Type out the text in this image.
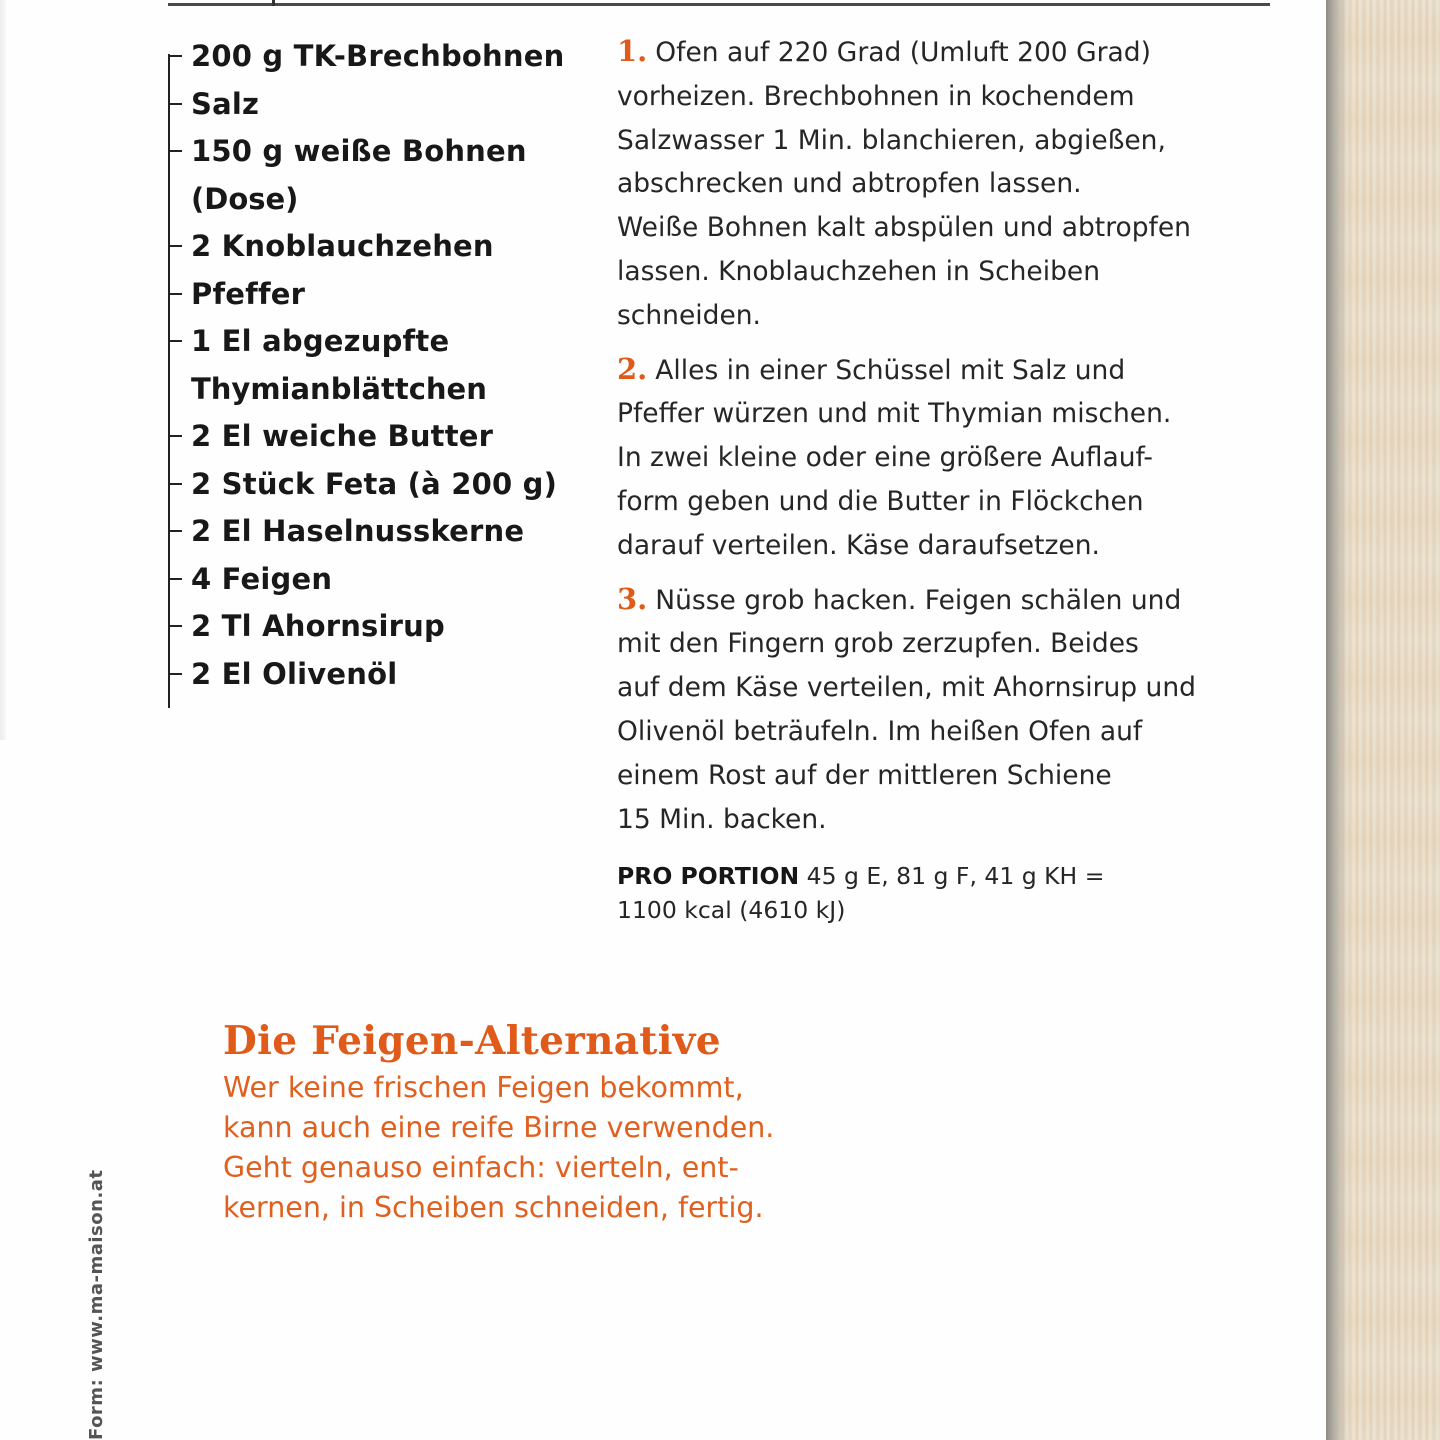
200 g TK-Brechbohnen
Salz
150 g weiße Bohnen
(Dose)
2 Knoblauchzehen
Pfeffer
1 El abgezupfte
Thymianblättchen
2 El weiche Butter
2 Stück Feta (à 200 g)
2 El Haselnusskerne
4 Feigen
2 Tl Ahornsirup
2 El Olivenöl
1. Ofen auf 220 Grad (Umluft 200 Grad)
vorheizen. Brechbohnen in kochendem
Salzwasser 1 Min. blanchieren, abgießen,
abschrecken und abtropfen lassen.
Weiße Bohnen kalt abspülen und abtropfen
lassen. Knoblauchzehen in Scheiben
schneiden.
2. Alles in einer Schüssel mit Salz und
Pfeffer würzen und mit Thymian mischen.
In zwei kleine oder eine größere Auflauf-
form geben und die Butter in Flöckchen
darauf verteilen. Käse daraufsetzen.
3. Nüsse grob hacken. Feigen schälen und
mit den Fingern grob zerzupfen. Beides
auf dem Käse verteilen, mit Ahornsirup und
Olivenöl beträufeln. Im heißen Ofen auf
einem Rost auf der mittleren Schiene
15 Min. backen.
PRO PORTION 45 g E, 81 g F, 41 g KH =
1100 kcal (4610 kJ)
Die Feigen-Alternative
Wer keine frischen Feigen bekommt,
kann auch eine reife Birne verwenden.
Geht genauso einfach: vierteln, ent-
kernen, in Scheiben schneiden, fertig.
Form: www.ma-maison.at
